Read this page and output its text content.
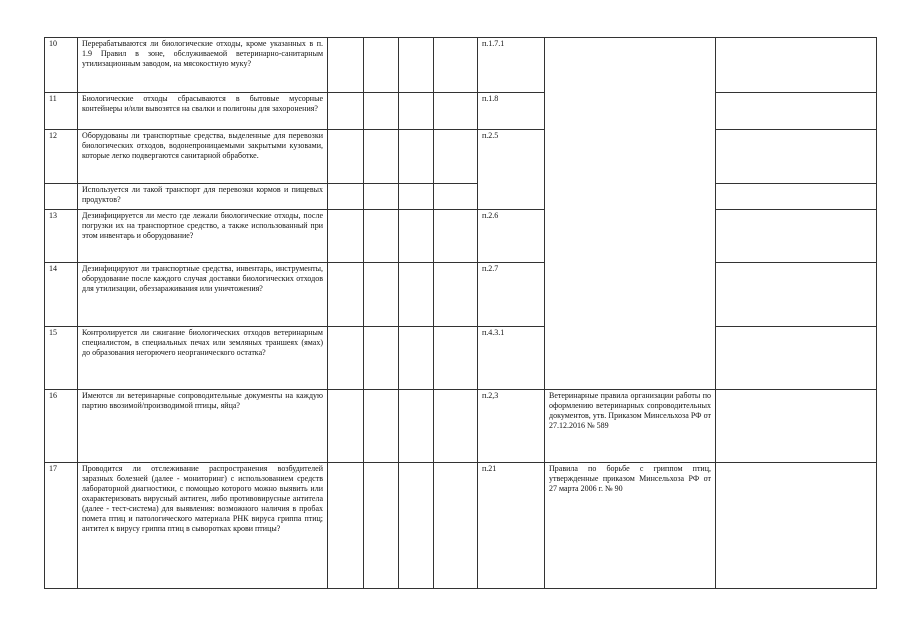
10	Перерабатываются ли биологические отходы, кроме указанных в п. 1.9 Правил в зоне, обслуживаемой ветеринарно-санитарным утилизационным заводом, на мясокостную муку?					п.1.7.1		
11	Биологические отходы сбрасываются в бытовые мусорные контейнеры и/или вывозятся на свалки и полигоны для захоронения?					п.1.8		
12	Оборудованы ли транспортные средства, выделенные для перевозки биологических отходов, водонепроницаемыми закрытыми кузовами, которые легко подвергаются санитарной обработке.					п.2.5		
	Используется ли такой транспорт для перевозки кормов и пищевых продуктов?							
13	Дезинфицируется ли место где лежали биологические отходы, после погрузки их на транспортное средство, а также использованный при этом инвентарь и оборудование?					п.2.6		
14	Дезинфицируют ли транспортные средства, инвентарь, инструменты, оборудование после каждого случая доставки биологических отходов для утилизации, обеззараживания или уничтожения?					п.2.7		
15	Контролируется ли сжигание биологических отходов ветеринарным специалистом, в специальных печах или земляных траншеях (ямах) до образования негорючего неорганического остатка?					п.4.3.1		
16	Имеются ли ветеринарные сопроводительные документы на каждую партию ввозимой/производимой птицы, яйца?					п.2,3	Ветеринарные правила организации работы по оформлению ветеринарных сопроводительных документов, утв. Приказом Минсельхоза РФ от 27.12.2016 № 589	
17	Проводится ли отслеживание распространения возбудителей заразных болезней (далее - мониторинг) с использованием средств лабораторной диагностики, с помощью которого можно выявить или охарактеризовать вирусный антиген, либо противовирусные антитела (далее - тест-система) для выявления: возможного наличия в пробах помета птиц и патологического материала РНК вируса гриппа птиц; антител к вирусу гриппа птиц в сыворотках крови птицы?					п.21	Правила по борьбе с гриппом птиц, утвержденные приказом Минсельхоза РФ от 27 марта 2006 г. № 90	
